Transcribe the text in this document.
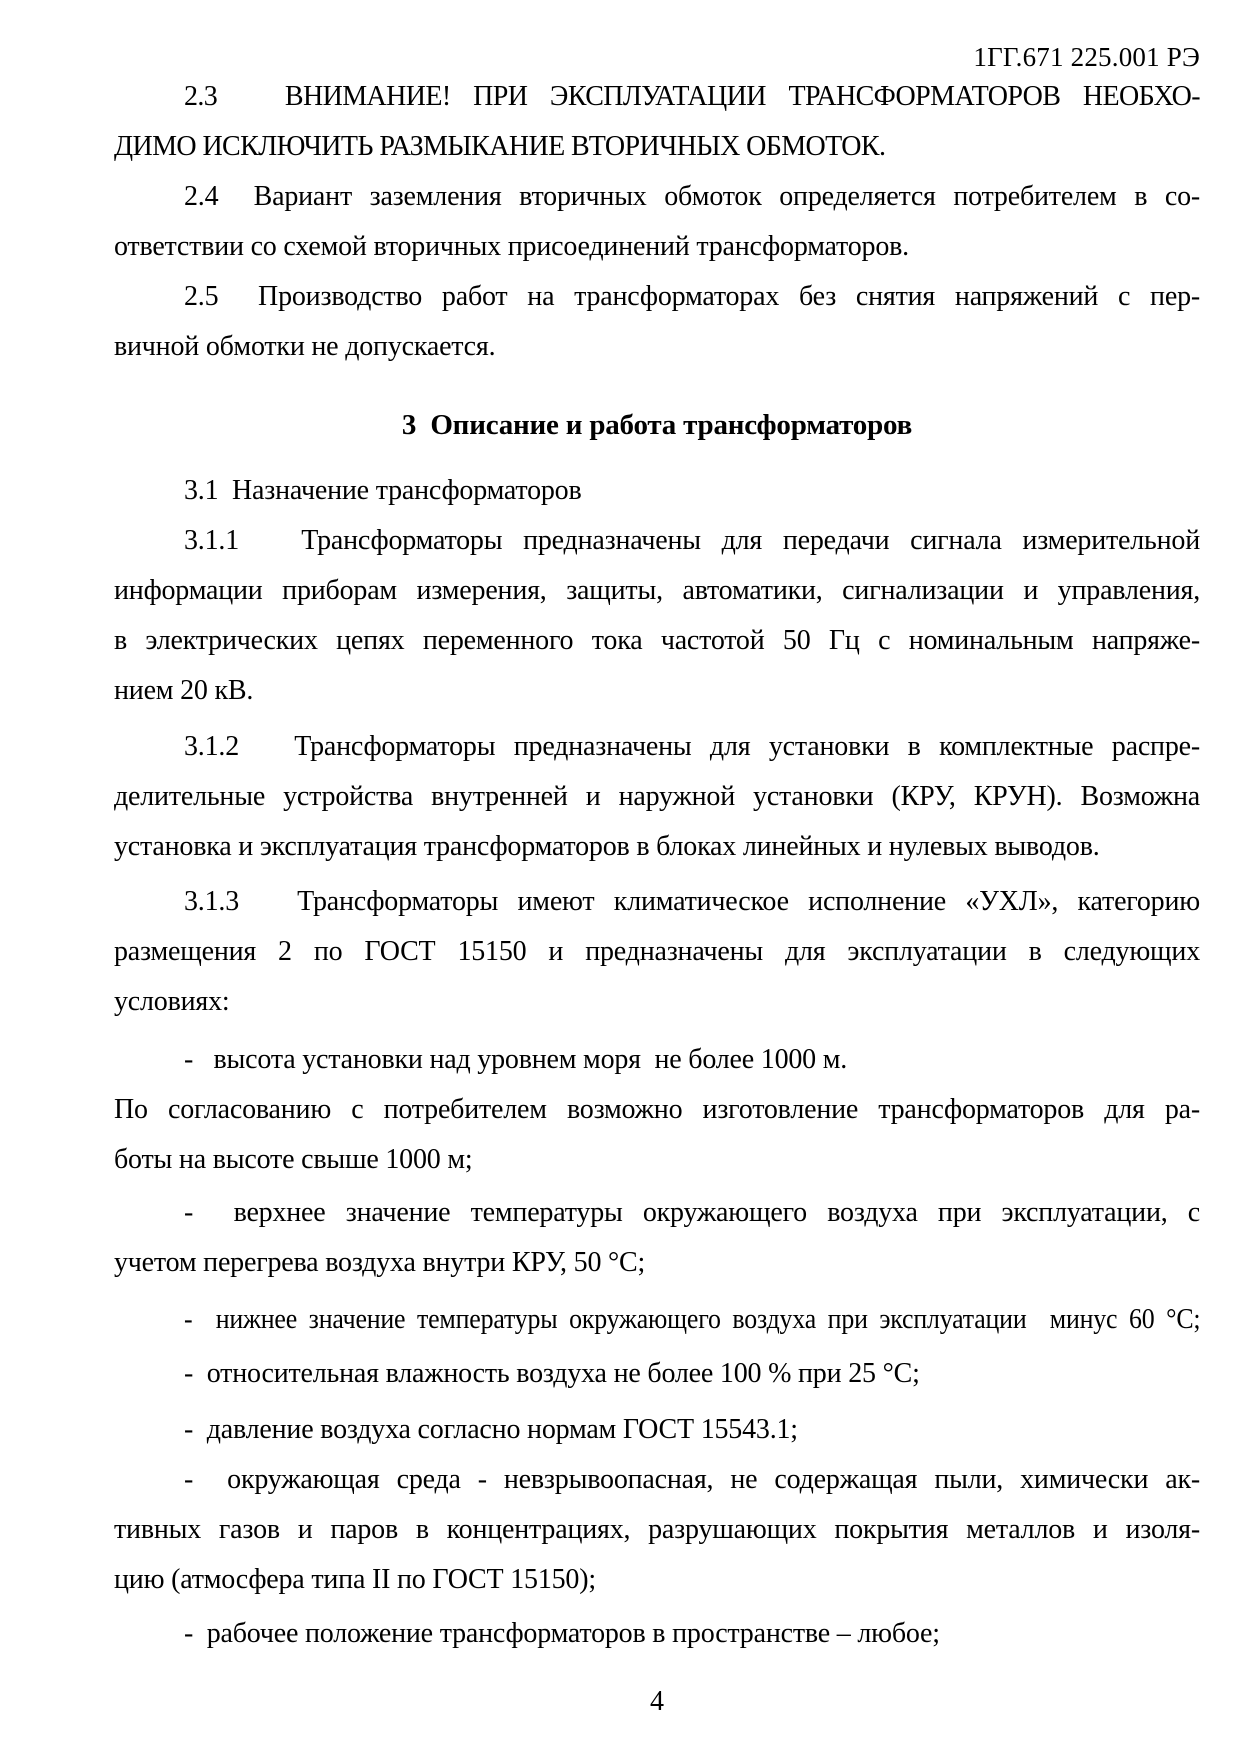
1ГГ.671 225.001 РЭ
2.3   ВНИМАНИЕ! ПРИ ЭКСПЛУАТАЦИИ ТРАНСФОРМАТОРОВ НЕОБХО-
ДИМО ИСКЛЮЧИТЬ РАЗМЫКАНИЕ ВТОРИЧНЫХ ОБМОТОК.
2.4  Вариант заземления вторичных обмоток определяется потребителем в со-
ответствии со схемой вторичных присоединений трансформаторов.
2.5  Производство работ на трансформаторах без снятия напряжений с пер-
вичной обмотки не допускается.
3  Описание и работа трансформаторов
3.1  Назначение трансформаторов
3.1.1   Трансформаторы предназначены для передачи сигнала измерительной
информации приборам измерения, защиты, автоматики, сигнализации и управления,
в электрических цепях переменного тока частотой 50 Гц с номинальным напряже-
нием 20 кВ.
3.1.2   Трансформаторы предназначены для установки в комплектные распре-
делительные устройства внутренней и наружной установки (КРУ, КРУН). Возможна
установка и эксплуатация трансформаторов в блоках линейных и нулевых выводов.
3.1.3   Трансформаторы имеют климатическое исполнение «УХЛ», категорию
размещения 2 по ГОСТ 15150 и предназначены для эксплуатации в следующих
условиях:
-   высота установки над уровнем моря  не более 1000 м.
По согласованию с потребителем возможно изготовление трансформаторов для ра-
боты на высоте свыше 1000 м;
-  верхнее значение температуры окружающего воздуха при эксплуатации, с
учетом перегрева воздуха внутри КРУ, 50 °С;
-  нижнее значение температуры окружающего воздуха при эксплуатации  минус 60 °С;
-  относительная влажность воздуха не более 100 % при 25 °С;
-  давление воздуха согласно нормам ГОСТ 15543.1;
-  окружающая среда - невзрывоопасная, не содержащая пыли, химически ак-
тивных газов и паров в концентрациях, разрушающих покрытия металлов и изоля-
цию (атмосфера типа II по ГОСТ 15150);
-  рабочее положение трансформаторов в пространстве – любое;
4
